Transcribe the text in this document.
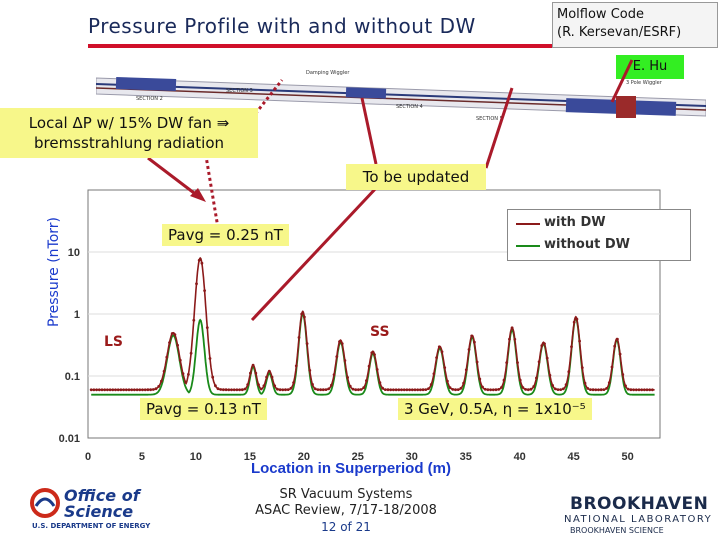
Pressure Profile with and without DW	Molflow Code
(R. Kersevan/ESRF)
E. Hu
Damping Wiggler
SECTION 2
SECTION 3
SECTION 4
SECTION 5
3 Pole Wiggler
0	5	10	15	20	25	30	35	40	45	50
10
1
0.1
0.01
Location in Superperiod (m)
Pressure (nTorr)
Local ΔP w/ 15% DW fan ⇛
bremsstrahlung radiation
To be updated
Pavg = 0.25 nT
Pavg = 0.13 nT	3 GeV, 0.5A, η = 1x10⁻⁵
LS
SS
with DW
without DW
SR Vacuum Systems
ASAC Review, 7/17-18/2008
12 of 21
Office of
Science
U.S. DEPARTMENT OF ENERGY
BROOKHAVEN
NATIONAL LABORATORY
BROOKHAVEN SCIENCE
